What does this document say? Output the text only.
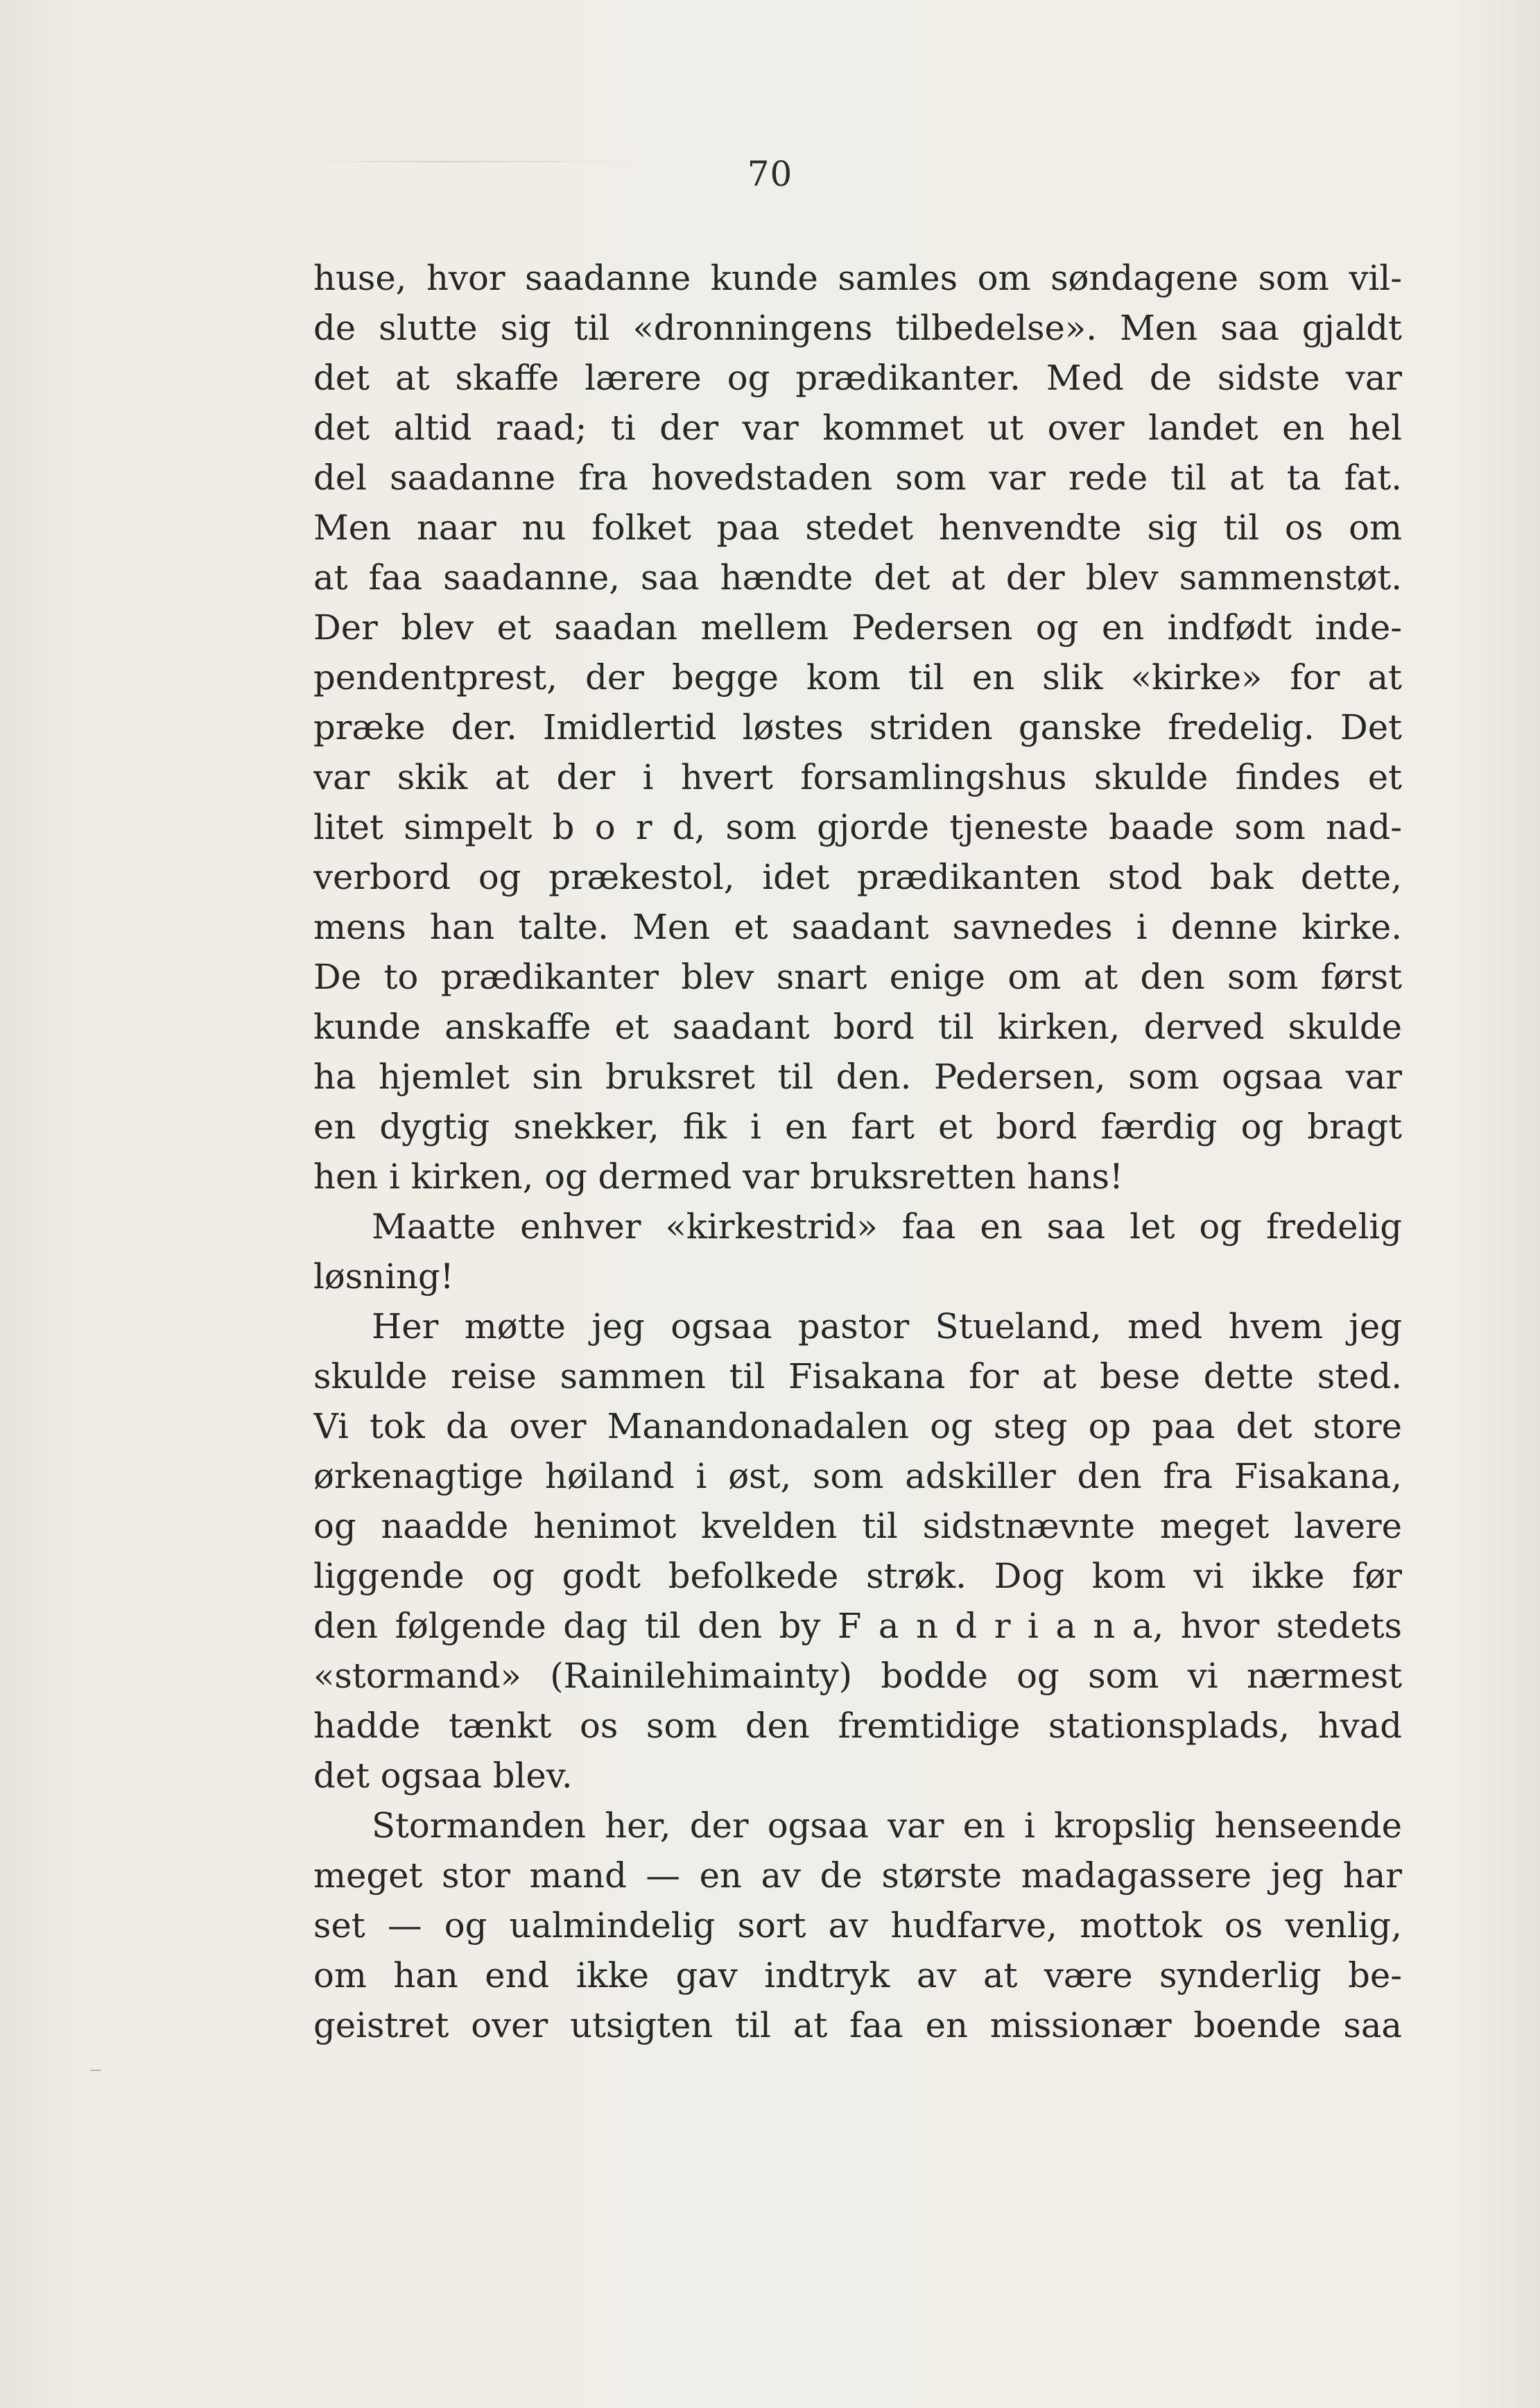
70
huse, hvor saadanne kunde samles om søndagene som vil-
de slutte sig til «dronningens tilbedelse». Men saa gjaldt
det at skaffe lærere og prædikanter. Med de sidste var
det altid raad; ti der var kommet ut over landet en hel
del saadanne fra hovedstaden som var rede til at ta fat.
Men naar nu folket paa stedet henvendte sig til os om
at faa saadanne, saa hændte det at der blev sammenstøt.
Der blev et saadan mellem Pedersen og en indfødt inde-
pendentprest, der begge kom til en slik «kirke» for at
præke der. Imidlertid løstes striden ganske fredelig. Det
var skik at der i hvert forsamlingshus skulde findes et
litet simpelt b o r d, som gjorde tjeneste baade som nad-
verbord og prækestol, idet prædikanten stod bak dette,
mens han talte. Men et saadant savnedes i denne kirke.
De to prædikanter blev snart enige om at den som først
kunde anskaffe et saadant bord til kirken, derved skulde
ha hjemlet sin bruksret til den. Pedersen, som ogsaa var
en dygtig snekker, fik i en fart et bord færdig og bragt
hen i kirken, og dermed var bruksretten hans!
Maatte enhver «kirkestrid» faa en saa let og fredelig
løsning!
Her møtte jeg ogsaa pastor Stueland, med hvem jeg
skulde reise sammen til Fisakana for at bese dette sted.
Vi tok da over Manandonadalen og steg op paa det store
ørkenagtige høiland i øst, som adskiller den fra Fisakana,
og naadde henimot kvelden til sidstnævnte meget lavere
liggende og godt befolkede strøk. Dog kom vi ikke før
den følgende dag til den by F a n d r i a n a, hvor stedets
«stormand» (Rainilehimainty) bodde og som vi nærmest
hadde tænkt os som den fremtidige stationsplads, hvad
det ogsaa blev.
Stormanden her, der ogsaa var en i kropslig henseende
meget stor mand — en av de største madagassere jeg har
set — og ualmindelig sort av hudfarve, mottok os venlig,
om han end ikke gav indtryk av at være synderlig be-
geistret over utsigten til at faa en missionær boende saa
